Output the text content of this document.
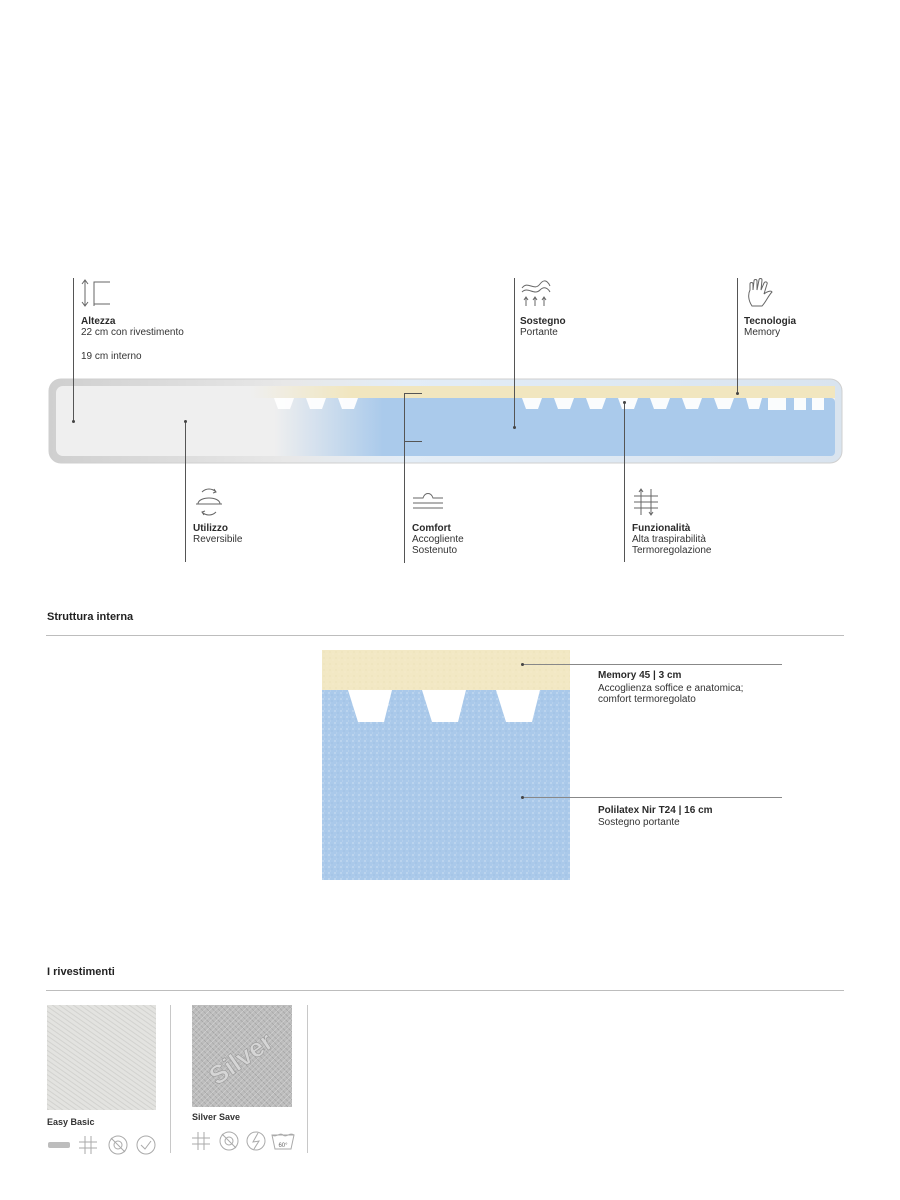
Altezza
22 cm con rivestimento
19 cm interno
Sostegno
Portante
Tecnologia
Memory
Utilizzo
Reversibile
Comfort
Accogliente
Sostenuto
Funzionalità
Alta traspirabilità
Termoregolazione
Struttura interna
Memory 45 | 3 cm
Accoglienza soffice e anatomica;
comfort termoregolato
Polilatex Nir T24 | 16 cm
Sostegno portante
I rivestimenti
Easy Basic
Silver
Silver Save
60°
